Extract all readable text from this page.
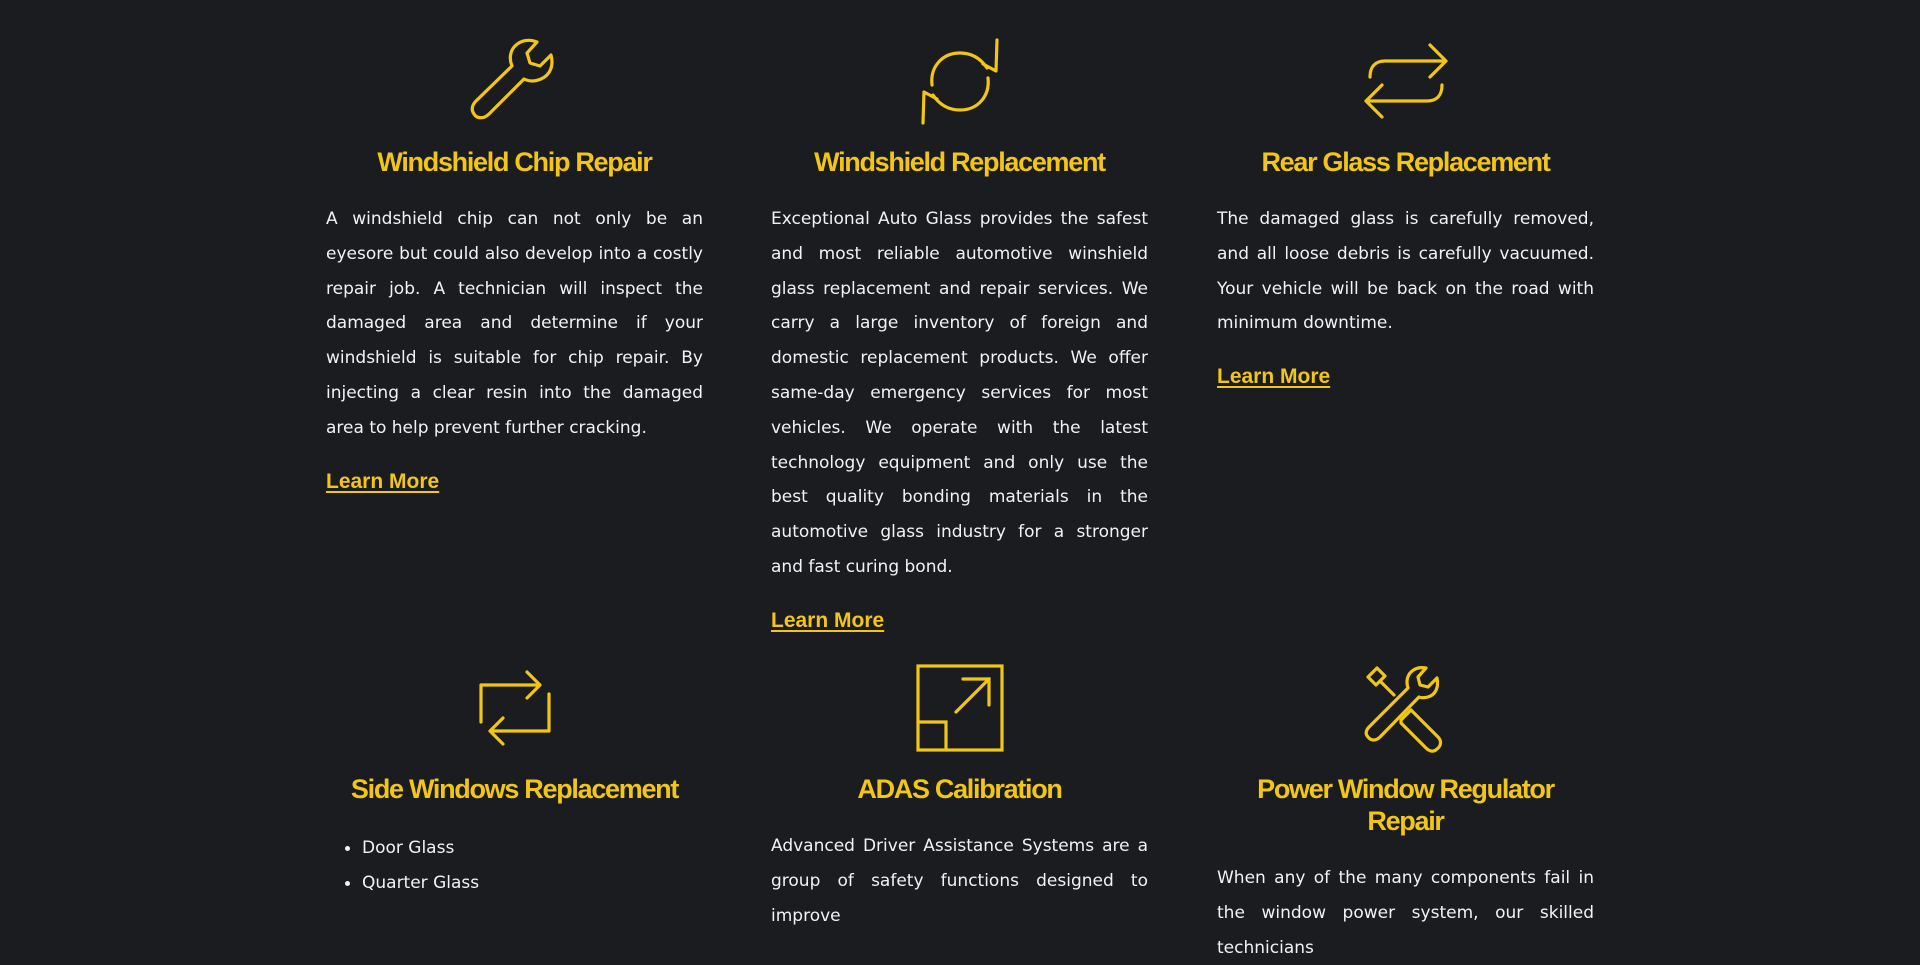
Windshield Chip Repair

A windshield chip can not only be an eyesore but could also develop into a costly repair job. A technician will inspect the damaged area and determine if your windshield is suitable for chip repair. By injecting a clear resin into the damaged area to help prevent further cracking.

Learn More
Windshield Replacement

Exceptional Auto Glass provides the safest and most reliable automotive winshield glass replacement and repair services. We carry a large inventory of foreign and domestic replacement products. We offer same-day emergency services for most vehicles. We operate with the latest technology equipment and only use the best quality bonding materials in the automotive glass industry for a stronger and fast curing bond.

Learn More
Rear Glass Replacement

The damaged glass is carefully removed, and all loose debris is carefully vacuumed. Your vehicle will be back on the road with minimum downtime.

Learn More
Side Windows Replacement
Door Glass
Quarter Glass
ADAS Calibration

Advanced Driver Assistance Systems are a group of safety functions designed to improve

Power Window Regulator Repair

When any of the many components fail in the window power system, our skilled technicians
